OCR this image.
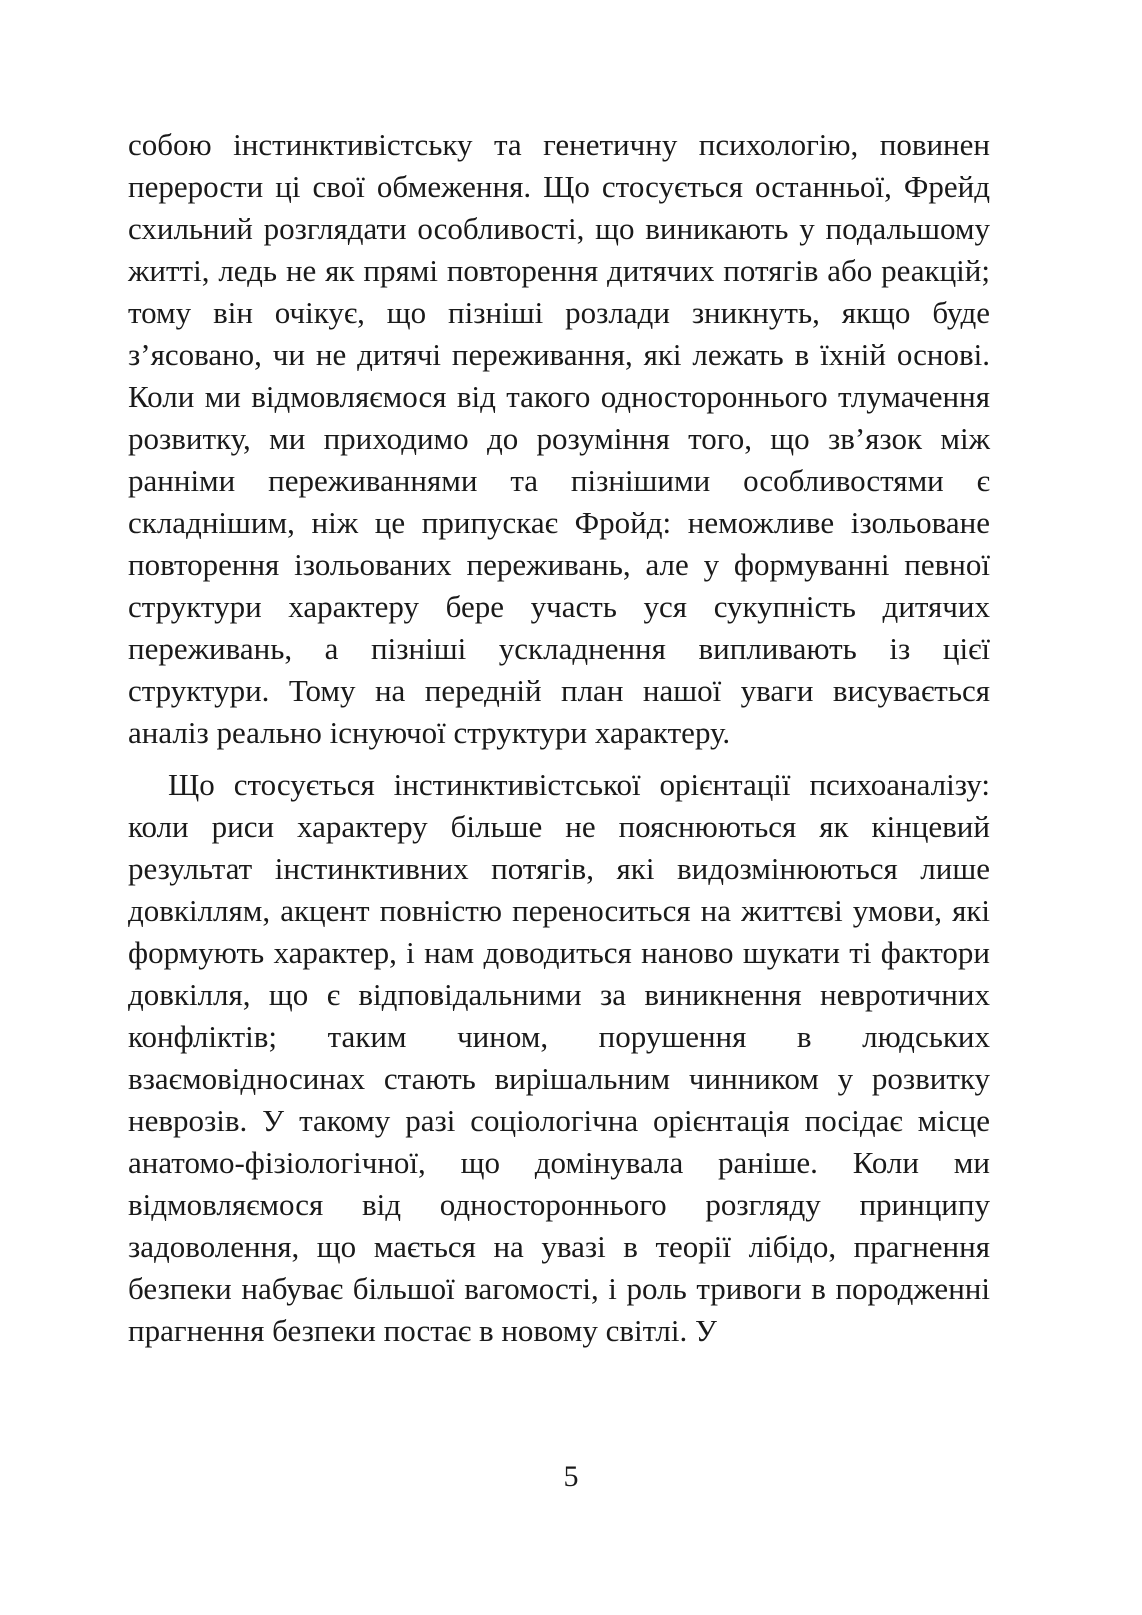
собою інстинктивістську та генетичну психологію, повинен перерости ці свої обмеження. Що стосується останньої, Фрейд схильний розглядати особливості, що виникають у подальшому житті, ледь не як прямі повторення дитячих потягів або реакцій; тому він очікує, що пізніші розлади зникнуть, якщо буде з’ясовано, чи не дитячі переживання, які лежать в їхній основі. Коли ми відмовляємося від такого одностороннього тлумачення розвитку, ми приходимо до розуміння того, що зв’язок між ранніми переживаннями та пізнішими особливостями є складнішим, ніж це припускає Фройд: неможливе ізольоване повторення ізольованих переживань, але у формуванні певної структури характеру бере участь уся сукупність дитячих переживань, а пізніші ускладнення випливають із цієї структури. Тому на передній план нашої уваги висувається аналіз реально існуючої структури характеру.

Що стосується інстинктивістської орієнтації психоаналізу: коли риси характеру більше не пояснюються як кінцевий результат інстинктивних потягів, які видозмінюються лише довкіллям, акцент повністю переноситься на життєві умови, які формують характер, і нам доводиться наново шукати ті фактори довкілля, що є відповідальними за виникнення невротичних конфліктів; таким чином, порушення в людських взаємовідносинах стають вирішальним чинником у розвитку неврозів. У такому разі соціологічна орієнтація посідає місце анатомо-фізіологічної, що домінувала раніше. Коли ми відмовляємося від одностороннього розгляду принципу задоволення, що мається на увазі в теорії лібідо, прагнення безпеки набуває більшої вагомості, і роль тривоги в породженні прагнення безпеки постає в новому світлі. У

5
